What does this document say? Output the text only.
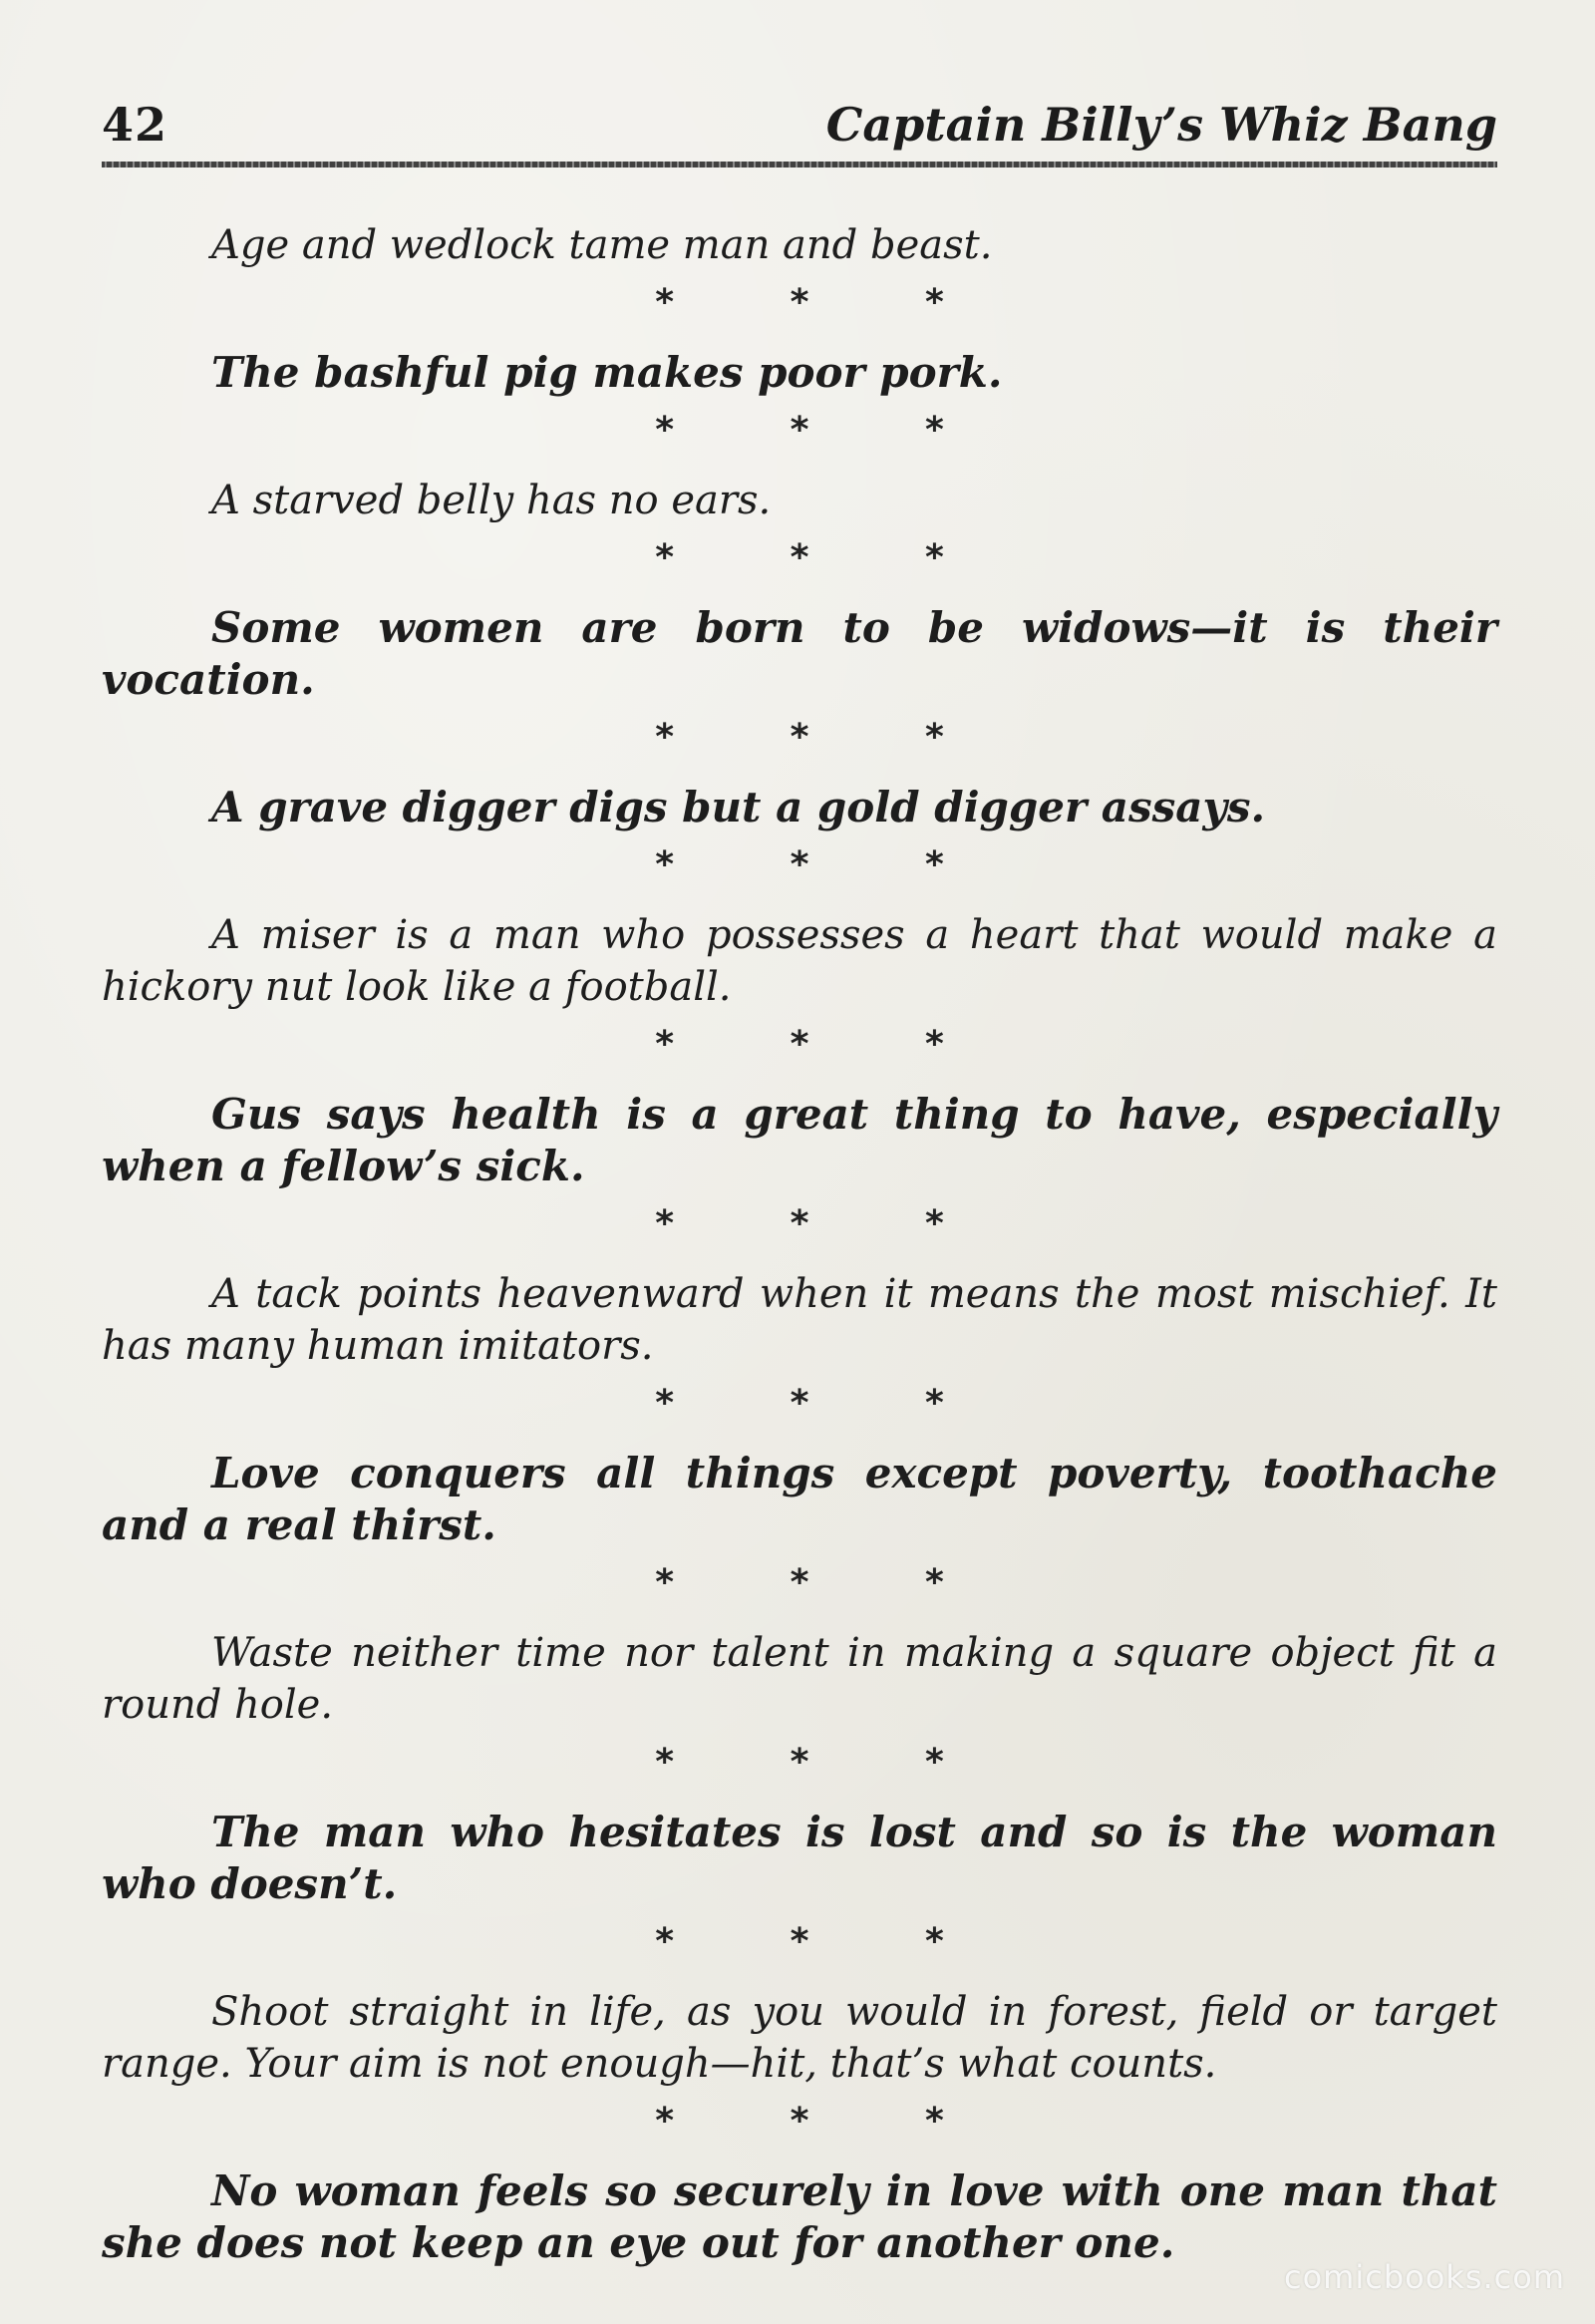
42	Captain Billy’s Whiz Bang

Age and wedlock tame man and beast.

* * *

The bashful pig makes poor pork.

* * *

A starved belly has no ears.

* * *

Some women are born to be widows—it is their vocation.

* * *

A grave digger digs but a gold digger assays.

* * *

A miser is a man who possesses a heart that would make a hickory nut look like a football.

* * *

Gus says health is a great thing to have, especially when a fellow’s sick.

* * *

A tack points heavenward when it means the most mischief. It has many human imitators.

* * *

Love conquers all things except poverty, toothache and a real thirst.

* * *

Waste neither time nor talent in making a square object fit a round hole.

* * *

The man who hesitates is lost and so is the woman who doesn’t.

* * *

Shoot straight in life, as you would in forest, field or target range. Your aim is not enough—hit, that’s what counts.

* * *

No woman feels so securely in love with one man that she does not keep an eye out for another one.

comicbooks.com
